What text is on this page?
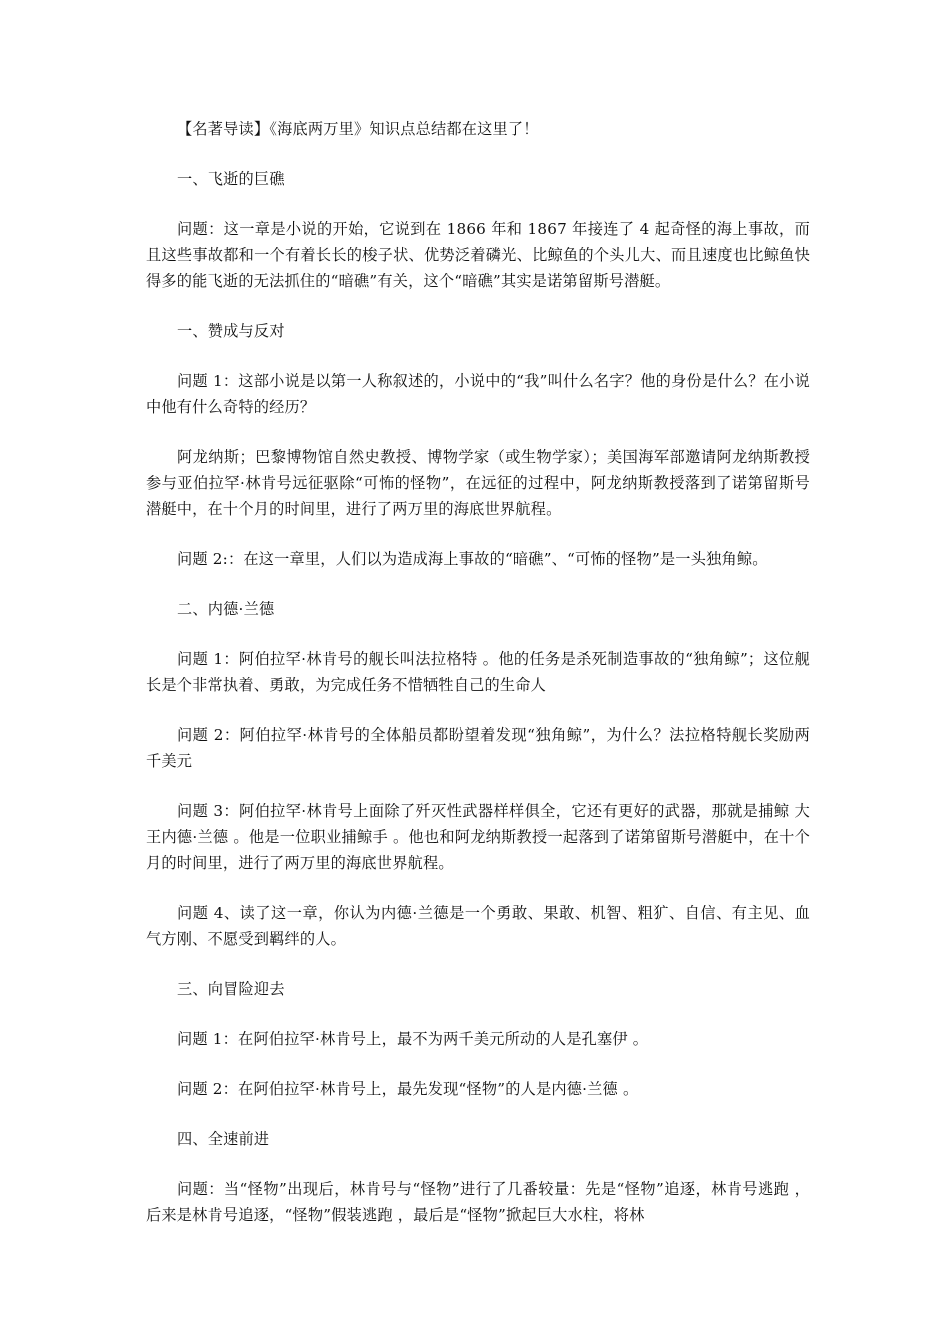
【名著导读】《海底两万里》知识点总结都在这里了！

一、飞逝的巨礁

问题：这一章是小说的开始，它说到在 1866 年和 1867 年接连了 4 起奇怪的海上事故，而且这些事故都和一个有着长长的梭子状、优势泛着磷光、比鲸鱼的个头儿大、而且速度也比鲸鱼快得多的能飞逝的无法抓住的“暗礁”有关，这个“暗礁”其实是诺第留斯号潜艇。

一、赞成与反对

问题 1：这部小说是以第一人称叙述的，小说中的“我”叫什么名字？他的身份是什么？在小说中他有什么奇特的经历？

阿龙纳斯；巴黎博物馆自然史教授、博物学家（或生物学家）；美国海军部邀请阿龙纳斯教授参与亚伯拉罕·林肯号远征驱除“可怖的怪物”，在远征的过程中，阿龙纳斯教授落到了诺第留斯号潜艇中，在十个月的时间里，进行了两万里的海底世界航程。

问题 2:：在这一章里，人们以为造成海上事故的“暗礁”、“可怖的怪物”是一头独角鲸。

二、内德·兰德

问题 1：阿伯拉罕·林肯号的舰长叫法拉格特 。他的任务是杀死制造事故的“独角鲸”；这位舰长是个非常执着、勇敢，为完成任务不惜牺牲自己的生命人

问题 2：阿伯拉罕·林肯号的全体船员都盼望着发现“独角鲸”，为什么？法拉格特舰长奖励两千美元

问题 3：阿伯拉罕·林肯号上面除了歼灭性武器样样俱全，它还有更好的武器，那就是捕鲸 大王内德·兰德 。他是一位职业捕鲸手 。他也和阿龙纳斯教授一起落到了诺第留斯号潜艇中，在十个月的时间里，进行了两万里的海底世界航程。

问题 4、读了这一章，你认为内德·兰德是一个勇敢、果敢、机智、粗犷、自信、有主见、血气方刚、不愿受到羁绊的人。

三、向冒险迎去

问题 1：在阿伯拉罕·林肯号上，最不为两千美元所动的人是孔塞伊 。

问题 2：在阿伯拉罕·林肯号上，最先发现“怪物”的人是内德·兰德 。

四、全速前进

问题：当“怪物”出现后，林肯号与“怪物”进行了几番较量：先是“怪物”追逐，林肯号逃跑 ，后来是林肯号追逐，“怪物”假装逃跑 ，最后是“怪物”掀起巨大水柱，将林
